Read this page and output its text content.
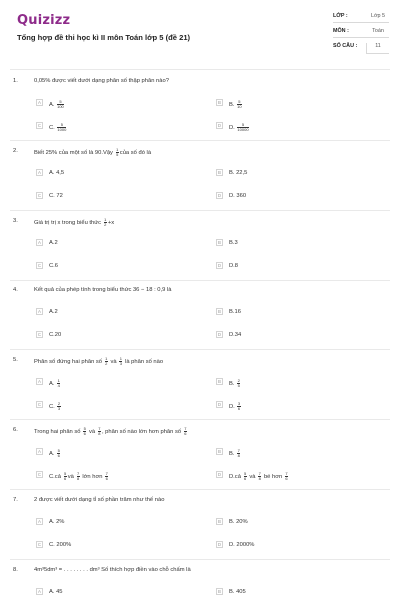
Quizizz
Tổng hợp đề thi học kì II môn Toán lớp 5 (đề 21)
LỚP :	Lớp 5
MÔN :	Toán
SỐ CÂU :	11
1.	0,05% được viết dưới dạng phân số thập phân nào?
A	A. $\frac{5}{100}$	B	B. $\frac{5}{10}$
C	C. $\frac{5}{1000}$	D	D. $\frac{5}{10000}$
2.	Biết 25% của một số là 90.Vậy $\frac{1}{5}$ của số đó là
A	A. 4,5	B	B. 22,5
C	C. 72	D	D. 360
3.	Giá trị trị x trong biểu thức $\frac{1}{2} +x$
A	A.2	B	B.3
C	C.6	D	D.8
4.	Kết quả của phép tính trong biểu thức 36 − 18 : 0,9 là
A	A.2	B	B.16
C	C.20	D	D.34
5.	Phân số đứng hai phân số $\frac{1}{2}$ và $\frac{1}{3}$ là phân số nào
A	A. $\frac{1}{4}$	B	B. $\frac{2}{5}$
C	C. $\frac{2}{3}$	D	D. $\frac{3}{6}$
6.	Trong hai phân số $\frac{5}{6}$ và $\frac{7}{8}$ , phân số nào lớn hơn phân số $\frac{7}{6}$
A	A. $\frac{5}{6}$	B	B. $\frac{7}{8}$
C	C.cả $\frac{5}{6}$ và $\frac{7}{8}$ lớn hơn $\frac{7}{6}$	D	D.cả $\frac{5}{6}$ và $\frac{7}{8}$ bé hơn $\frac{7}{6}$
7.	2 được viết dưới dạng tỉ số phần trăm như thế nào
A	A. 2%	B	B. 20%
C	C. 200%	D	D. 2000%
8.	4m³5dm³ = . . . . . . . . dm³ Số thích hợp điền vào chỗ chấm là
A	A. 45	B	B. 405
